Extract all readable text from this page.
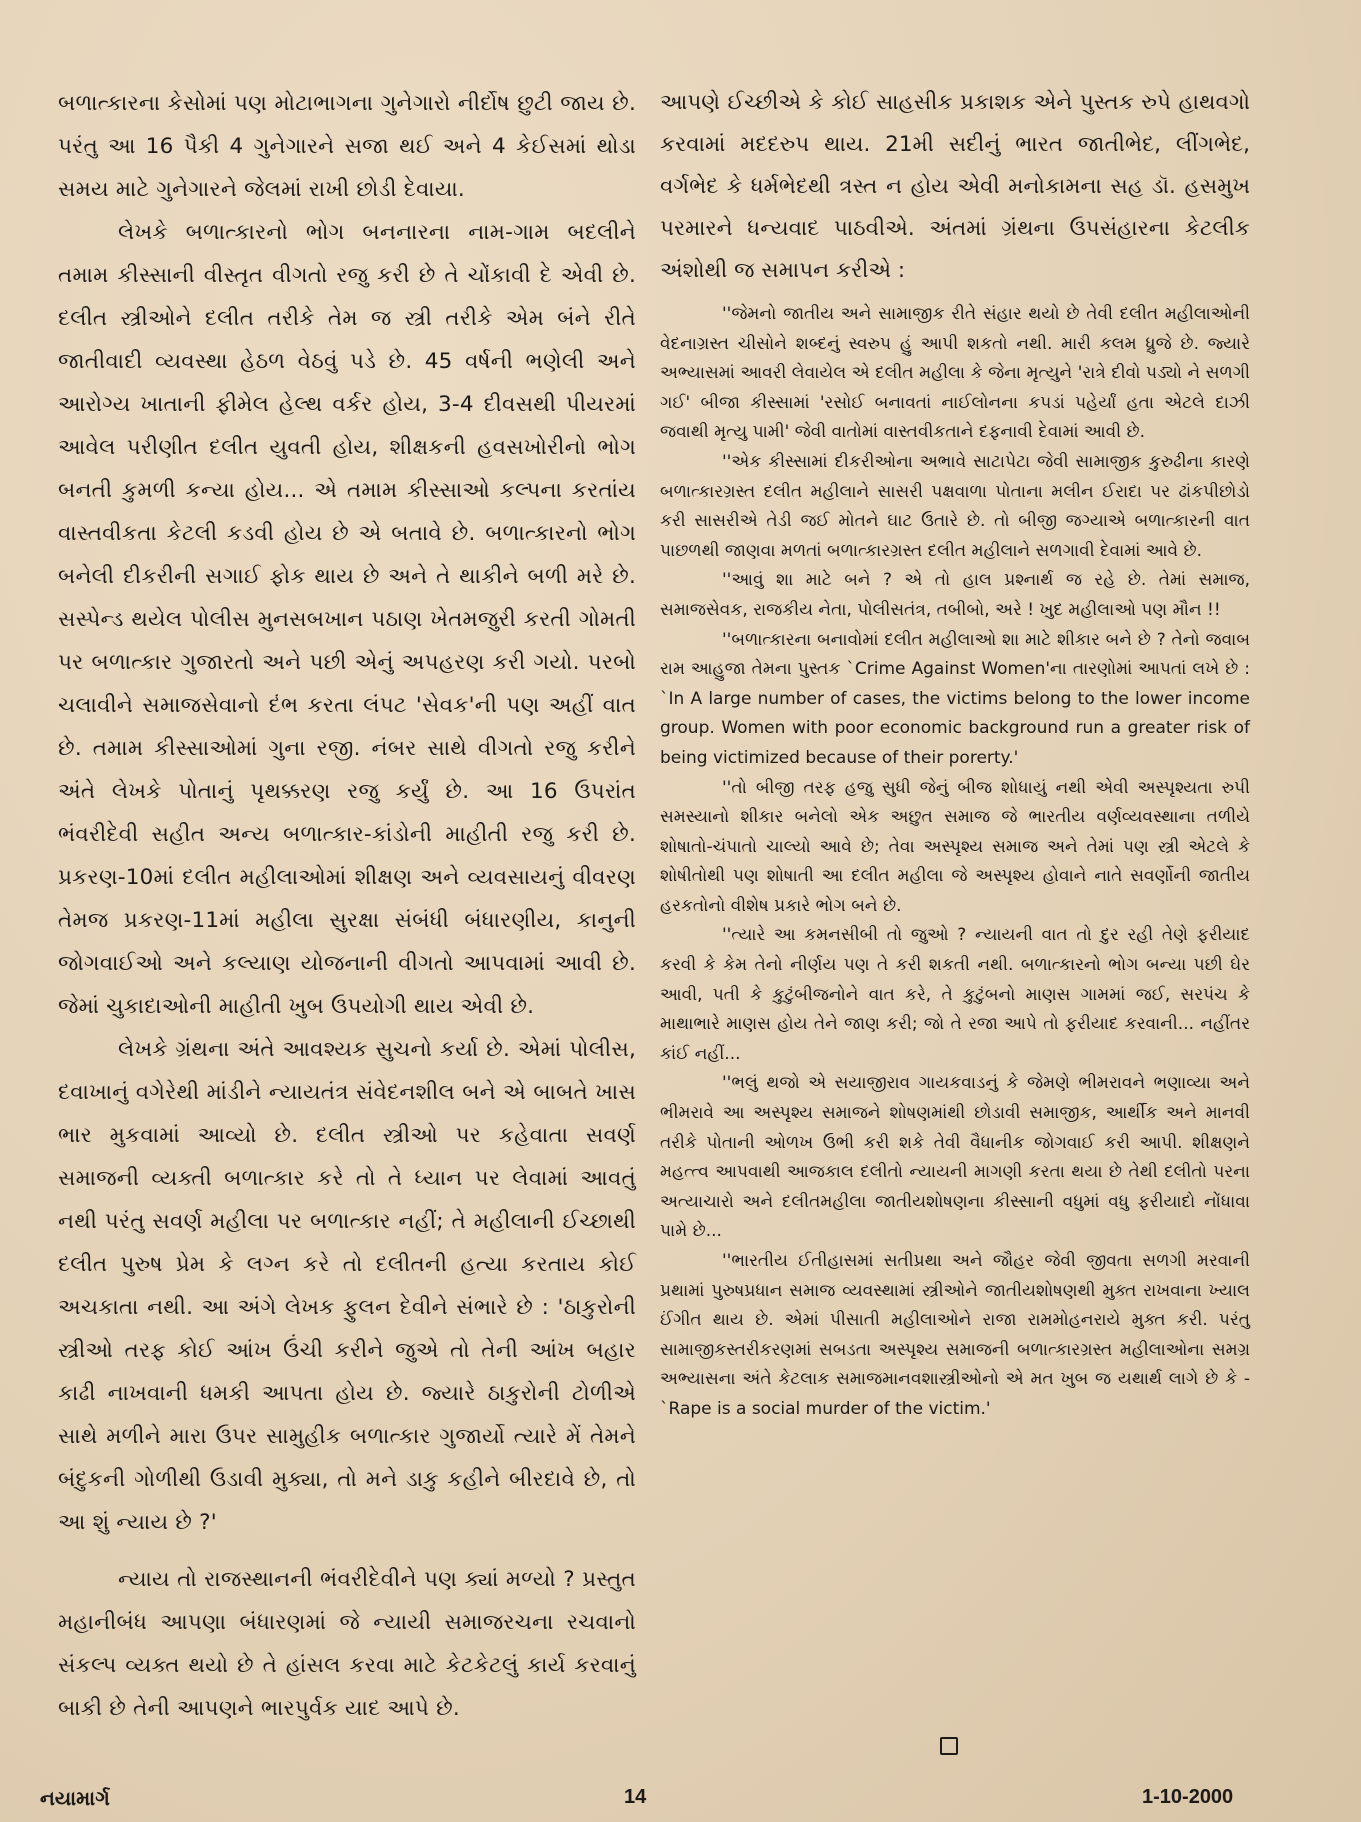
બળાત્કારના કેસોમાં પણ મોટાભાગના ગુનેગારો નીર્દોષ છુટી જાય છે. પરંતુ આ 16 પૈકી 4 ગુનેગારને સજા થઈ અને 4 કેઈસમાં થોડા સમય માટે ગુનેગારને જેલમાં રાખી છોડી દેવાયા.

લેખકે બળાત્કારનો ભોગ બનનારના નામ-ગામ બદલીને તમામ કીસ્સાની વીસ્તૃત વીગતો રજુ કરી છે તે ચોંકાવી દે એવી છે. દલીત સ્ત્રીઓને દલીત તરીકે તેમ જ સ્ત્રી તરીકે એમ બંને રીતે જાતીવાદી વ્યવસ્થા હેઠળ વેઠવું પડે છે. 45 વર્ષની ભણેલી અને આરોગ્ય ખાતાની ફીમેલ હેલ્થ વર્કર હોય, 3-4 દીવસથી પીયરમાં આવેલ પરીણીત દલીત યુવતી હોય, શીક્ષકની હવસખોરીનો ભોગ બનતી કુમળી કન્યા હોય... એ તમામ કીસ્સાઓ કલ્પના કરતાંય વાસ્તવીકતા કેટલી કડવી હોય છે એ બતાવે છે. બળાત્કારનો ભોગ બનેલી દીકરીની સગાઈ ફોક થાય છે અને તે થાકીને બળી મરે છે. સસ્પેન્ડ થયેલ પોલીસ મુનસબખાન પઠાણ ખેતમજુરી કરતી ગોમતી પર બળાત્કાર ગુજારતો અને પછી એનું અપહરણ કરી ગયો. પરબો ચલાવીને સમાજસેવાનો દંભ કરતા લંપટ 'સેવક'ની પણ અહીં વાત છે. તમામ કીસ્સાઓમાં ગુના રજી. નંબર સાથે વીગતો રજુ કરીને અંતે લેખકે પોતાનું પૃથક્કરણ રજુ કર્યું છે. આ 16 ઉપરાંત ભંવરીદેવી સહીત અન્ય બળાત્કાર-કાંડોની માહીતી રજુ કરી છે. પ્રકરણ-10માં દલીત મહીલાઓમાં શીક્ષણ અને વ્યવસાયનું વીવરણ તેમજ પ્રકરણ-11માં મહીલા સુરક્ષા સંબંધી બંધારણીય, કાનુની જોગવાઈઓ અને કલ્યાણ યોજનાની વીગતો આપવામાં આવી છે. જેમાં ચુકાદાઓની માહીતી ખુબ ઉપયોગી થાય એવી છે.

લેખકે ગ્રંથના અંતે આવશ્યક સુચનો કર્યા છે. એમાં પોલીસ, દવાખાનું વગેરેથી માંડીને ન્યાયતંત્ર સંવેદનશીલ બને એ બાબતે ખાસ ભાર મુકવામાં આવ્યો છે. દલીત સ્ત્રીઓ પર કહેવાતા સવર્ણ સમાજની વ્યક્તી બળાત્કાર કરે તો તે ધ્યાન પર લેવામાં આવતું નથી પરંતુ સવર્ણ મહીલા પર બળાત્કાર નહીં; તે મહીલાની ઈચ્છાથી દલીત પુરુષ પ્રેમ કે લગ્ન કરે તો દલીતની હત્યા કરતાય કોઈ અચકાતા નથી. આ અંગે લેખક ફુલન દેવીને સંભારે છે : 'ઠાકુરોની સ્ત્રીઓ તરફ કોઈ આંખ ઉંચી કરીને જુએ તો તેની આંખ બહાર કાઢી નાખવાની ધમકી આપતા હોય છે. જ્યારે ઠાકુરોની ટોળીએ સાથે મળીને મારા ઉપર સામુહીક બળાત્કાર ગુજાર્યો ત્યારે મેં તેમને બંદુકની ગોળીથી ઉડાવી મુક્યા, તો મને ડાકુ કહીને બીરદાવે છે, તો આ શું ન્યાય છે ?'

ન્યાય તો રાજસ્થાનની ભંવરીદેવીને પણ ક્યાં મળ્યો ? પ્રસ્તુત મહાનીબંધ આપણા બંધારણમાં જે ન્યાયી સમાજરચના રચવાનો સંકલ્પ વ્યક્ત થયો છે તે હાંસલ કરવા માટે કેટકેટલું કાર્ય કરવાનું બાકી છે તેની આપણને ભારપુર્વક યાદ આપે છે.

આપણે ઈચ્છીએ કે કોઈ સાહસીક પ્રકાશક એને પુસ્તક રુપે હાથવગો કરવામાં મદદરુપ થાય. 21મી સદીનું ભારત જાતીભેદ, લીંગભેદ, વર્ગભેદ કે ધર્મભેદથી ત્રસ્ત ન હોય એવી મનોકામના સહ ડૉ. હસમુખ પરમારને ધન્યવાદ પાઠવીએ. અંતમાં ગ્રંથના ઉપસંહારના કેટલીક અંશોથી જ સમાપન કરીએ :

''જેમનો જાતીય અને સામાજીક રીતે સંહાર થયો છે તેવી દલીત મહીલાઓની વેદનાગ્રસ્ત ચીસોને શબ્દનું સ્વરુપ હું આપી શકતો નથી. મારી કલમ ધ્રુજે છે. જ્યારે અભ્યાસમાં આવરી લેવાયેલ એ દલીત મહીલા કે જેના મૃત્યુને 'રાત્રે દીવો પડ્યો ને સળગી ગઈ' બીજા કીસ્સામાં 'રસોઈ બનાવતાં નાઈલોનના કપડાં પહેર્યાં હતા એટલે દાઝી જવાથી મૃત્યુ પામી' જેવી વાતોમાં વાસ્તવીકતાને દફનાવી દેવામાં આવી છે.

''એક કીસ્સામાં દીકરીઓના અભાવે સાટાપેટા જેવી સામાજીક કુરુઢીના કારણે બળાત્કારગ્રસ્ત દલીત મહીલાને સાસરી પક્ષવાળા પોતાના મલીન ઈરાદા પર ઢાંકપીછોડો કરી સાસરીએ તેડી જઈ મોતને ઘાટ ઉતારે છે. તો બીજી જગ્યાએ બળાત્કારની વાત પાછળથી જાણવા મળતાં બળાત્કારગ્રસ્ત દલીત મહીલાને સળગાવી દેવામાં આવે છે.

''આવું શા માટે બને ? એ તો હાલ પ્રશ્નાર્થ જ રહે છે. તેમાં સમાજ, સમાજસેવક, રાજકીય નેતા, પોલીસતંત્ર, તબીબો, અરે ! ખુદ મહીલાઓ પણ મૌન !!

''બળાત્કારના બનાવોમાં દલીત મહીલાઓ શા માટે શીકાર બને છે ? તેનો જવાબ રામ આહુજા તેમના પુસ્તક `Crime Against Women'ના તારણોમાં આપતાં લખે છે : `In A large number of cases, the victims belong to the lower income group. Women with poor economic background run a greater risk of being victimized because of their porerty.'

''તો બીજી તરફ હજુ સુધી જેનું બીજ શોધાયું નથી એવી અસ્પૃશ્યતા રુપી સમસ્યાનો શીકાર બનેલો એક અછુત સમાજ જે ભારતીય વર્ણવ્યવસ્થાના તળીયે શોષાતો-ચંપાતો ચાલ્યો આવે છે; તેવા અસ્પૃશ્ય સમાજ અને તેમાં પણ સ્ત્રી એટલે કે શોષીતોથી પણ શોષાતી આ દલીત મહીલા જે અસ્પૃશ્ય હોવાને નાતે સવર્ણોની જાતીય હરકતોનો વીશેષ પ્રકારે ભોગ બને છે.

''ત્યારે આ કમનસીબી તો જુઓ ? ન્યાયની વાત તો દુર રહી તેણે ફરીયાદ કરવી કે કેમ તેનો નીર્ણય પણ તે કરી શકતી નથી. બળાત્કારનો ભોગ બન્યા પછી ઘેર આવી, પતી કે કુટુંબીજનોને વાત કરે, તે કુટુંબનો માણસ ગામમાં જઈ, સરપંચ કે માથાભારે માણસ હોય તેને જાણ કરી; જો તે રજા આપે તો ફરીયાદ કરવાની... નહીંતર કાંઈ નહીં...

''ભલું થજો એ સયાજીરાવ ગાયકવાડનું કે જેમણે ભીમરાવને ભણાવ્યા અને ભીમરાવે આ અસ્પૃશ્ય સમાજને શોષણમાંથી છોડાવી સમાજીક, આર્થીક અને માનવી તરીકે પોતાની ઓળખ ઉભી કરી શકે તેવી વૈધાનીક જોગવાઈ કરી આપી. શીક્ષણને મહત્ત્વ આપવાથી આજકાલ દલીતો ન્યાયની માગણી કરતા થયા છે તેથી દલીતો પરના અત્યાચારો અને દલીતમહીલા જાતીયશોષણના કીસ્સાની વધુમાં વધુ ફરીયાદો નોંધાવા પામે છે...

''ભારતીય ઈતીહાસમાં સતીપ્રથા અને જૌહર જેવી જીવતા સળગી મરવાની પ્રથામાં પુરુષપ્રધાન સમાજ વ્યવસ્થામાં સ્ત્રીઓને જાતીયશોષણથી મુક્ત રાખવાના ખ્યાલ ઈંગીત થાય છે. એમાં પીસાતી મહીલાઓને રાજા રામમોહનરાયે મુક્ત કરી. પરંતુ સામાજીકસ્તરીકરણમાં સબડતા અસ્પૃશ્ય સમાજની બળાત્કારગ્રસ્ત મહીલાઓના સમગ્ર અભ્યાસના અંતે કેટલાક સમાજમાનવશાસ્ત્રીઓનો એ મત ખુબ જ યથાર્થ લાગે છે કે - `Rape is a social murder of the victim.'

નયામાર્ગ	14	1-10-2000
